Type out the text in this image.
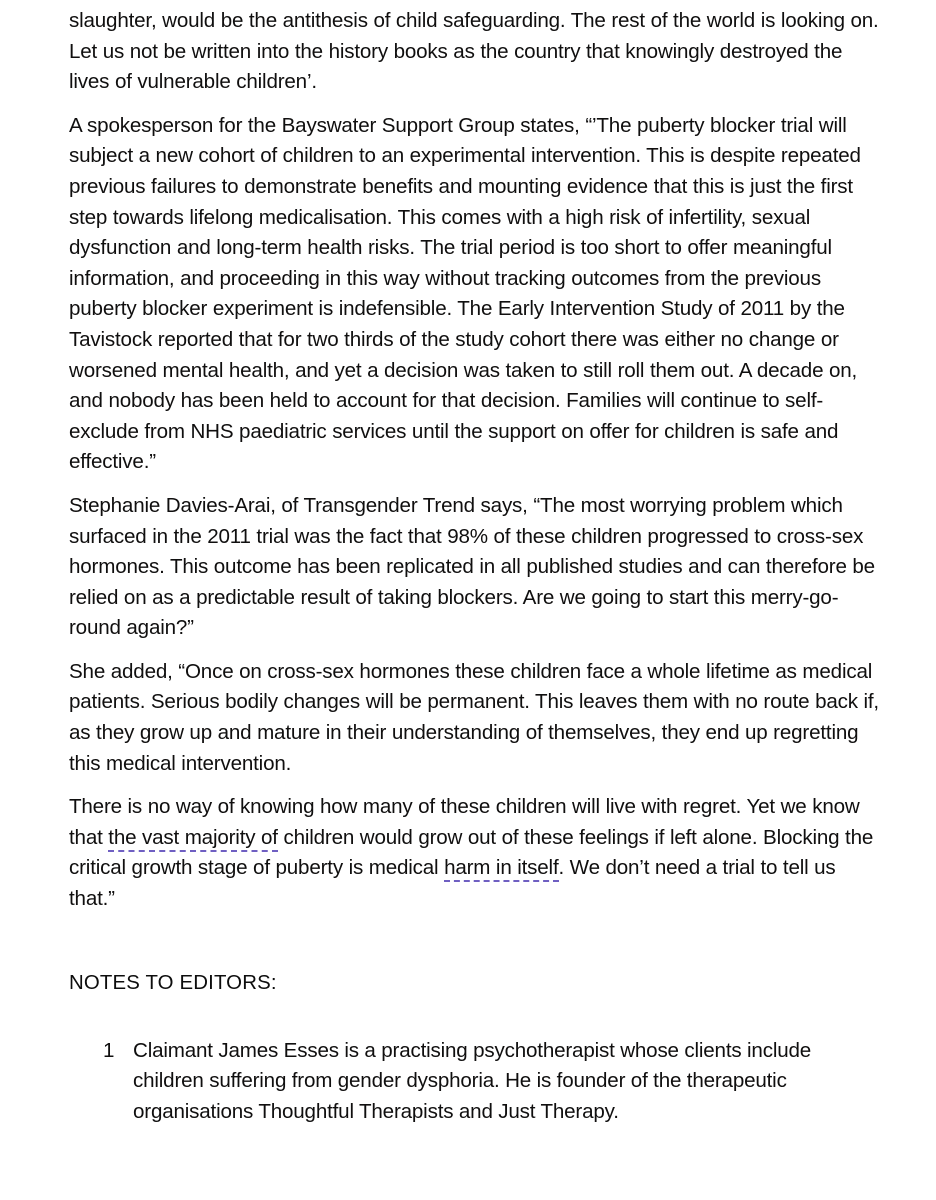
slaughter, would be the antithesis of child safeguarding. The rest of the world is looking on. Let us not be written into the history books as the country that knowingly destroyed the lives of vulnerable children’.

A spokesperson for the Bayswater Support Group states, “’The puberty blocker trial will subject a new cohort of children to an experimental intervention. This is despite repeated previous failures to demonstrate benefits and mounting evidence that this is just the first step towards lifelong medicalisation. This comes with a high risk of infertility, sexual dysfunction and long-term health risks. The trial period is too short to offer meaningful information, and proceeding in this way without tracking outcomes from the previous puberty blocker experiment is indefensible. The Early Intervention Study of 2011 by the Tavistock reported that for two thirds of the study cohort there was either no change or worsened mental health, and yet a decision was taken to still roll them out. A decade on, and nobody has been held to account for that decision. Families will continue to self-exclude from NHS paediatric services until the support on offer for children is safe and effective.”

Stephanie Davies-Arai, of Transgender Trend says, “The most worrying problem which surfaced in the 2011 trial was the fact that 98% of these children progressed to cross-sex hormones. This outcome has been replicated in all published studies and can therefore be relied on as a predictable result of taking blockers. Are we going to start this merry-go-round again?”

She added, “Once on cross-sex hormones these children face a whole lifetime as medical patients. Serious bodily changes will be permanent. This leaves them with no route back if, as they grow up and mature in their understanding of themselves, they end up regretting this medical intervention.

There is no way of knowing how many of these children will live with regret. Yet we know that the vast majority of children would grow out of these feelings if left alone. Blocking the critical growth stage of puberty is medical harm in itself. We don’t need a trial to tell us that.”

NOTES TO EDITORS:
1 Claimant James Esses is a practising psychotherapist whose clients include children suffering from gender dysphoria. He is founder of the therapeutic organisations Thoughtful Therapists and Just Therapy.
